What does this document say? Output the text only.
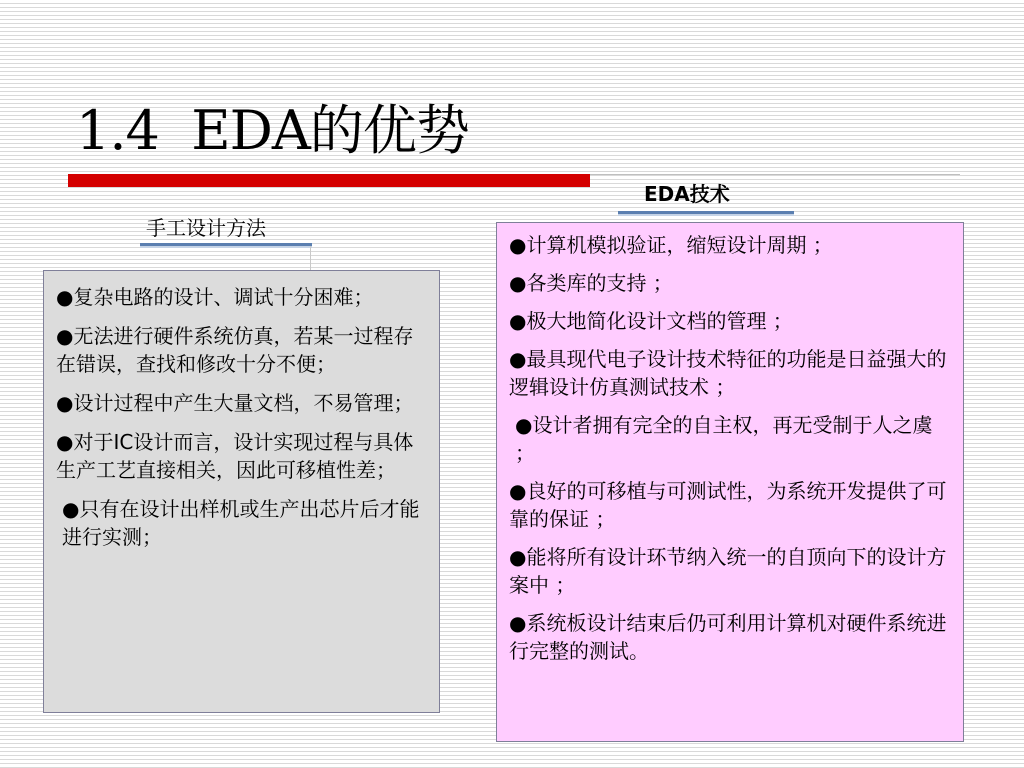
1.4  EDA的优势
EDA技术
手工设计方法
●复杂电路的设计、调试十分困难；
●无法进行硬件系统仿真，若某一过程存在错误，查找和修改十分不便；
●设计过程中产生大量文档，不易管理；
●对于IC设计而言，设计实现过程与具体生产工艺直接相关，因此可移植性差；
●只有在设计出样机或生产出芯片后才能进行实测；
●计算机模拟验证，缩短设计周期 ；
●各类库的支持 ；
●极大地简化设计文档的管理 ；
●最具现代电子设计技术特征的功能是日益强大的逻辑设计仿真测试技术 ；
●设计者拥有完全的自主权，再无受制于人之虞 ；
●良好的可移植与可测试性，为系统开发提供了可靠的保证 ；
●能将所有设计环节纳入统一的自顶向下的设计方案中 ；
●系统板设计结束后仍可利用计算机对硬件系统进行完整的测试。
